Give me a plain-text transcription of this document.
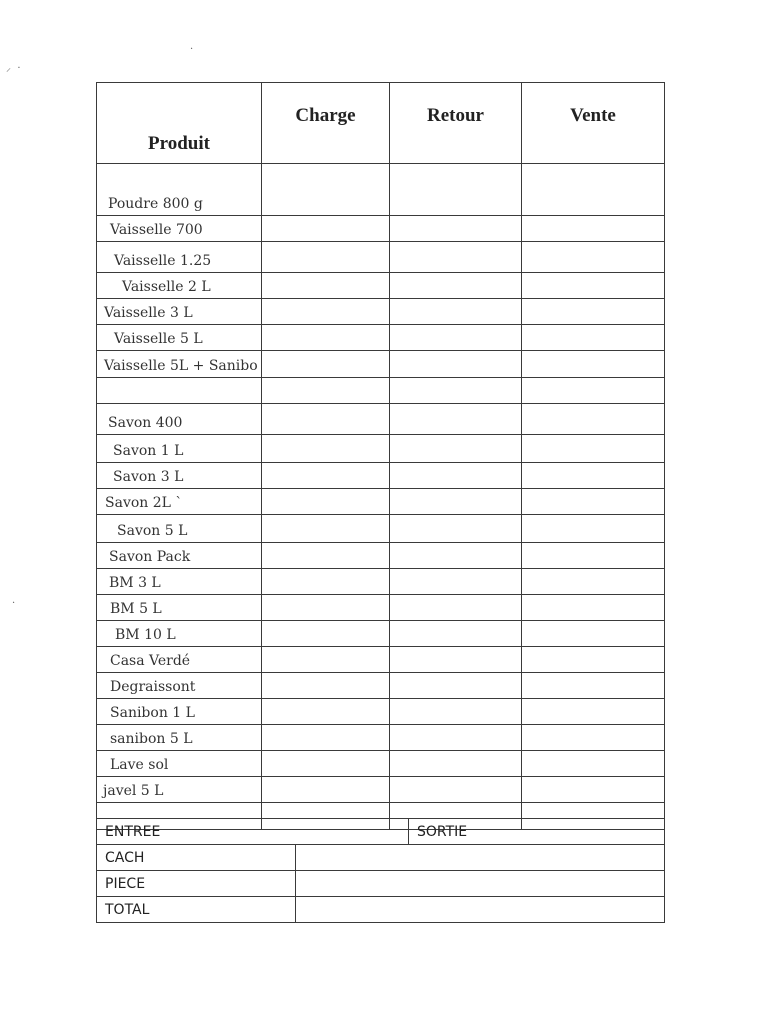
⸝  ·
·
·
Produit	Charge	Retour	Vente
Poudre 800 g			
Vaisselle 700			
Vaisselle 1.25			
Vaisselle 2 L			
Vaisselle 3 L			
Vaisselle 5 L			
Vaisselle 5L + Sanibo			

Savon 400			
Savon 1 L			
Savon 3 L			
Savon 2L `			
Savon 5 L			
Savon Pack			
BM 3 L			
BM 5 L			
BM 10 L			
Casa Verdé			
Degraissont			
Sanibon 1 L			
sanibon 5 L			
Lave sol			
javel 5 L			

ENTREE		SORTIE
CACH		
PIECE		
TOTAL		
